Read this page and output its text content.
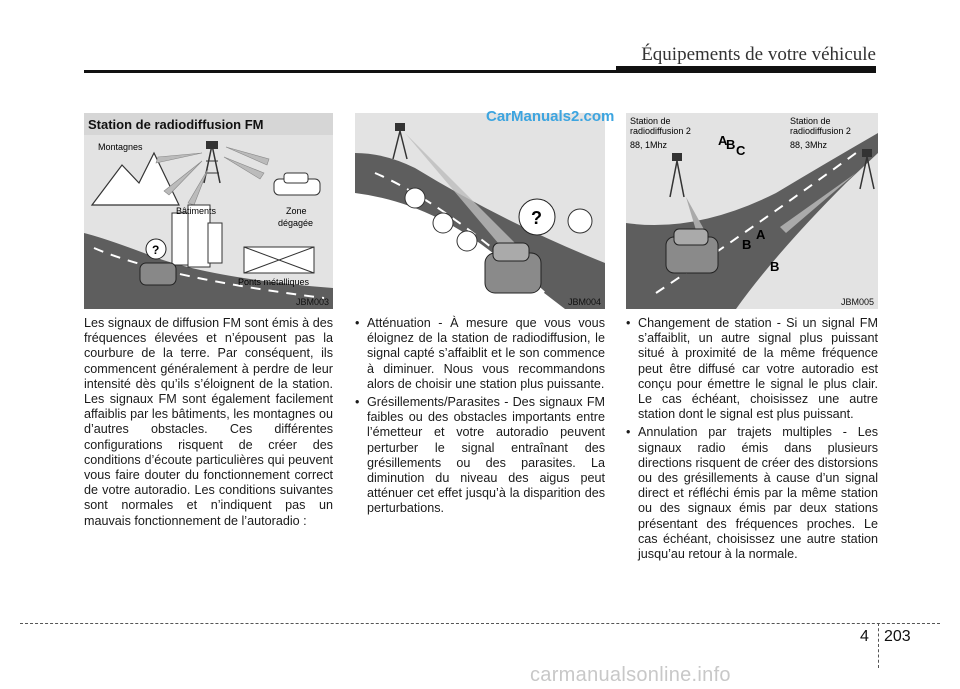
Équipements de votre véhicule
Station de radiodiffusion FM
?
Montagnes
Bâtiments	Zone
dégagée
Ponts métalliques
JBM003
?
JBM004
Station de
radiodiffusion 2
88, 1Mhz
Station de
radiodiffusion 2
88, 3Mhz
A
B C
A
B
B
JBM005
CarManuals2.com

Les signaux de diffusion FM sont émis à des fréquences élevées et n’épousent pas la courbure de la terre. Par conséquent, ils commencent généralement à perdre de leur intensité dès qu’ils s’éloignent de la station. Les signaux FM sont également facilement affaiblis par les bâtiments, les montagnes ou d’autres obstacles. Ces différentes configurations risquent de créer des conditions d’écoute particulières qui peuvent vous faire douter du fonctionnement correct de votre autoradio. Les conditions suivantes sont normales et n’indiquent pas un mauvais fonctionnement de l’autoradio :

• Atténuation - À mesure que vous vous éloignez de la station de radiodiffusion, le signal capté s’affaiblit et le son commence à diminuer. Nous vous recommandons alors de choisir une station plus puissante.
• Grésillements/Parasites - Des signaux FM faibles ou des obstacles importants entre l’émetteur et votre autoradio peuvent perturber le signal entraînant des grésillements ou des parasites. La diminution du niveau des aigus peut atténuer cet effet jusqu’à la disparition des perturbations.
• Changement de station - Si un signal FM s’affaiblit, un autre signal plus puissant situé à proximité de la même fréquence peut être diffusé car votre autoradio est conçu pour émettre le signal le plus clair. Le cas échéant, choisissez une autre station dont le signal est plus puissant.
• Annulation par trajets multiples - Les signaux radio émis dans plusieurs directions risquent de créer des distorsions ou des grésillements à cause d’un signal direct et réfléchi émis par la même station ou des signaux émis par deux stations présentant des fréquences proches. Le cas échéant, choisissez une autre station jusqu’au retour à la normale.
4 203
carmanualsonline.info
